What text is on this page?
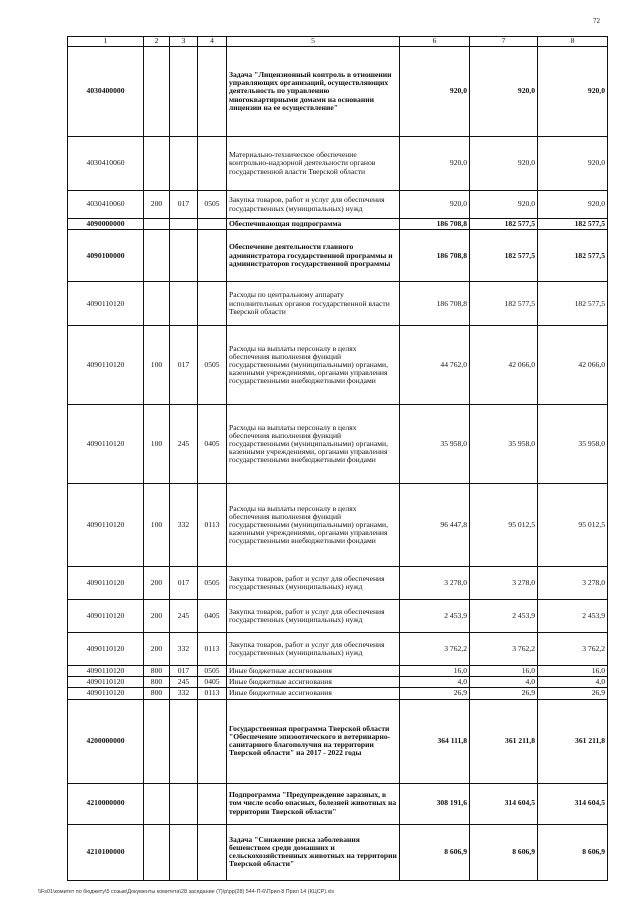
72
1	2	3	4	5	6	7	8
4030400000				Задача "Лицензионный контроль в отношении управляющих организаций, осуществляющих деятельность по управлению многоквартирными домами на основании лицензии на ее осуществление"	920,0	920,0	920,0
4030410060				Материально-техническое обеспечение контрольно-надзорной деятельности органов государственной власти Тверской области	920,0	920,0	920,0
4030410060	200	017	0505	Закупка товаров, работ и услуг для обеспечения государственных (муниципальных) нужд	920,0	920,0	920,0
4090000000				Обеспечивающая подпрограмма	186 708,8	182 577,5	182 577,5
4090100000				Обеспечение деятельности главного администратора государственной программы и администраторов государственной программы	186 708,8	182 577,5	182 577,5
4090110120				Расходы по центральному аппарату исполнительных органов государственной власти Тверской области	186 708,8	182 577,5	182 577,5
4090110120	100	017	0505	Расходы на выплаты персоналу в целях обеспечения выполнения функций государственными (муниципальными) органами, казенными учреждениями, органами управления государственными внебюджетными фондами	44 762,0	42 066,0	42 066,0
4090110120	100	245	0405	Расходы на выплаты персоналу в целях обеспечения выполнения функций государственными (муниципальными) органами, казенными учреждениями, органами управления государственными внебюджетными фондами	35 958,0	35 958,0	35 958,0
4090110120	100	332	0113	Расходы на выплаты персоналу в целях обеспечения выполнения функций государственными (муниципальными) органами, казенными учреждениями, органами управления государственными внебюджетными фондами	96 447,8	95 012,5	95 012,5
4090110120	200	017	0505	Закупка товаров, работ и услуг для обеспечения государственных (муниципальных) нужд	3 278,0	3 278,0	3 278,0
4090110120	200	245	0405	Закупка товаров, работ и услуг для обеспечения государственных (муниципальных) нужд	2 453,9	2 453,9	2 453,9
4090110120	200	332	0113	Закупка товаров, работ и услуг для обеспечения государственных (муниципальных) нужд	3 762,2	3 762,2	3 762,2
4090110120	800	017	0505	Иные бюджетные ассигнования	16,0	16,0	16,0
4090110120	800	245	0405	Иные бюджетные ассигнования	4,0	4,0	4,0
4090110120	800	332	0113	Иные бюджетные ассигнования	26,9	26,9	26,9
4200000000				Государственная программа Тверской области "Обеспечение эпизоотического и ветеринарно-санитарного благополучия на территории Тверской области" на 2017 - 2022 годы	364 111,8	361 211,8	361 211,8
4210000000				Подпрограмма "Предупреждение заразных, в том числе особо опасных, болезней животных на территории Тверской области"	308 191,6	314 604,5	314 604,5
4210100000				Задача "Снижение риска заболевания бешенством среди домашних и сельскохозяйственных животных на территории Тверской области"	8 606,9	8 606,9	8 606,9
\\Fs01\комитет по бюджету\5 созыв\Документы комитета\28 заседание (7)\р\рр(28) 544-П-6\Прил 8 Прил 14 (КЦСР).xls
